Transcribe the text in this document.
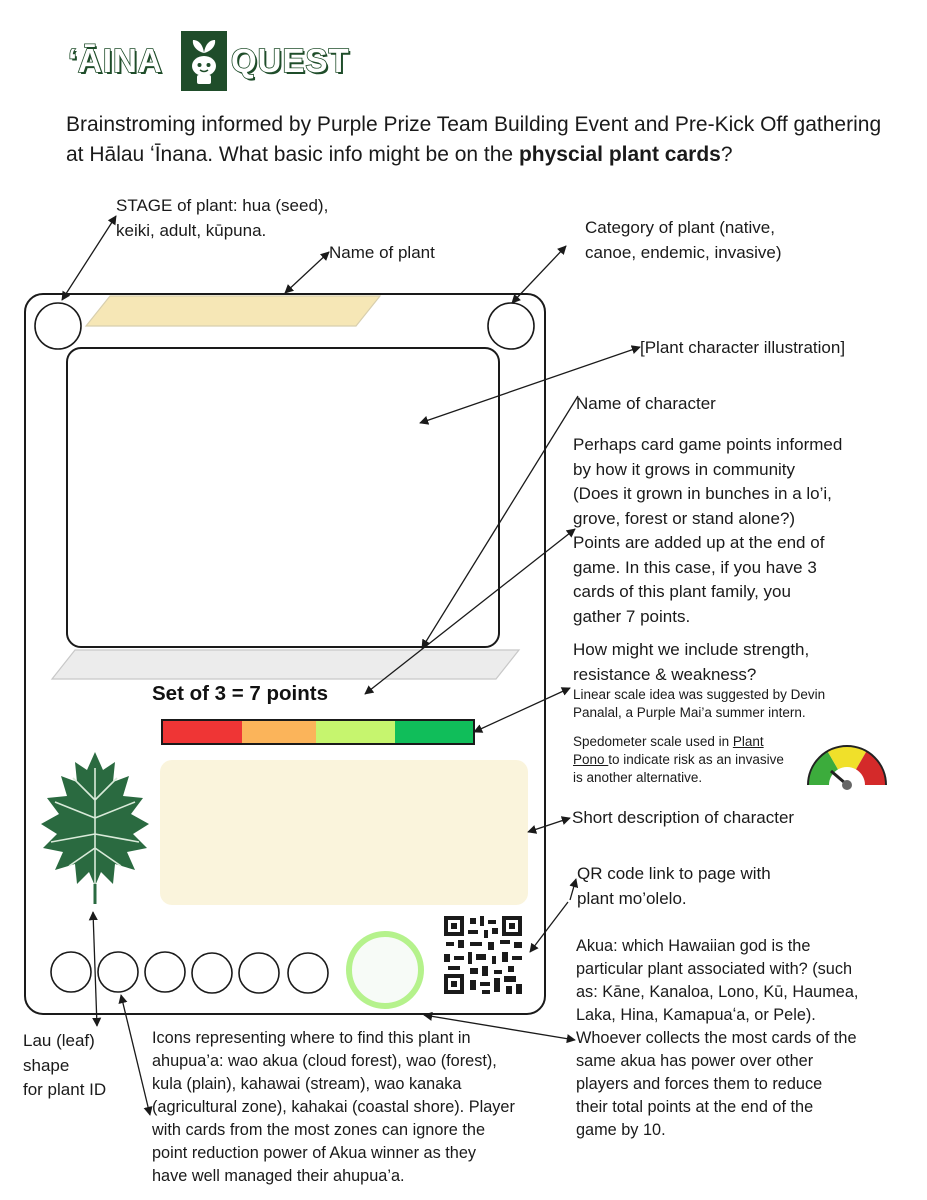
ʻ ĀINA QUEST
Brainstroming informed by Purple Prize Team Building Event and Pre-Kick Off gathering at Hālau ʻĪnana. What basic info might be on the physcial plant cards?
Set of 3 = 7 points
STAGE of plant: hua (seed),
keiki, adult, kūpuna.
Name of plant
Category of plant (native,
canoe, endemic, invasive)
[Plant character illustration]
Name of character
Perhaps card game points informed
by how it grows in community
(Does it grown in bunches in a lo’i,
grove, forest or stand alone?)
Points are added up at the end of
game. In this case, if you have 3
cards of this plant family, you
gather 7 points.
How might we include strength,
resistance & weakness?
Linear scale idea was suggested by Devin
Panalal, a Purple Mai’a summer intern.
Spedometer scale used in Plant
Pono to indicate risk as an invasive
is another alternative.
Short description of character
QR code link to page with
plant mo’olelo.
Akua: which Hawaiian god is the
particular plant associated with? (such
as: Kāne, Kanaloa, Lono, Kū, Haumea,
Laka, Hina, Kamapuaʻa, or Pele).
Whoever collects the most cards of the
same akua has power over other
players and forces them to reduce
their total points at the end of the
game by 10.
Lau (leaf)
shape
for plant ID
Icons representing where to find this plant in
ahupua’a: wao akua (cloud forest), wao (forest),
kula (plain), kahawai (stream), wao kanaka
(agricultural zone), kahakai (coastal shore). Player
with cards from the most zones can ignore the
point reduction power of Akua winner as they
have well managed their ahupua’a.
